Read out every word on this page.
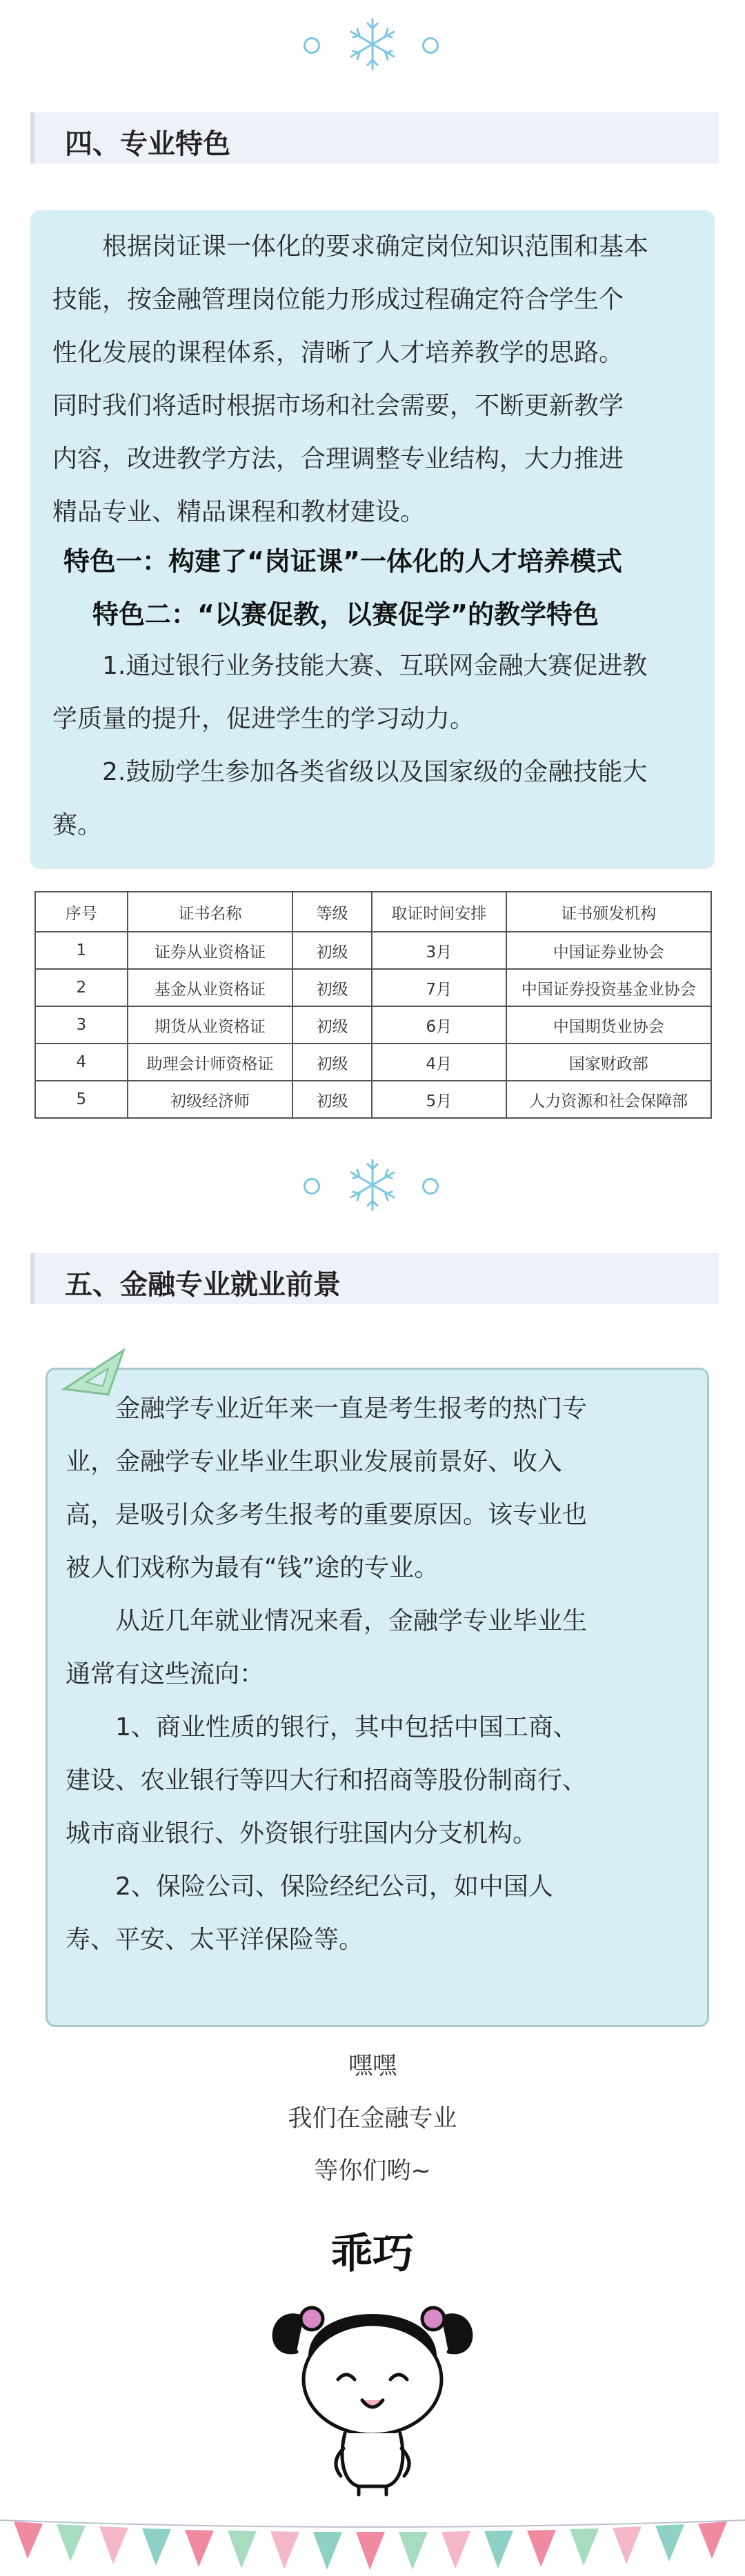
四、专业特色
根据岗证课一体化的要求确定岗位知识范围和基本
技能，按金融管理岗位能力形成过程确定符合学生个
性化发展的课程体系，清晰了人才培养教学的思路。
同时我们将适时根据市场和社会需要，不断更新教学
内容，改进教学方法，合理调整专业结构，大力推进
精品专业、精品课程和教材建设。
特色一：构建了“岗证课”一体化的人才培养模式
特色二：“以赛促教，以赛促学”的教学特色
1.通过银行业务技能大赛、互联网金融大赛促进教
学质量的提升，促进学生的学习动力。
2.鼓励学生参加各类省级以及国家级的金融技能大
赛。
序号	证书名称	等级	取证时间安排	证书颁发机构
1	证券从业资格证	初级	3月	中国证券业协会
2	基金从业资格证	初级	7月	中国证券投资基金业协会
3	期货从业资格证	初级	6月	中国期货业协会
4	助理会计师资格证	初级	4月	国家财政部
5	初级经济师	初级	5月	人力资源和社会保障部
五、金融专业就业前景
金融学专业近年来一直是考生报考的热门专
业，金融学专业毕业生职业发展前景好、收入
高，是吸引众多考生报考的重要原因。该专业也
被人们戏称为最有“钱”途的专业。
从近几年就业情况来看，金融学专业毕业生
通常有这些流向：
1、商业性质的银行，其中包括中国工商、
建设、农业银行等四大行和招商等股份制商行、
城市商业银行、外资银行驻国内分支机构。
2、保险公司、保险经纪公司，如中国人
寿、平安、太平洋保险等。
嘿嘿
我们在金融专业
等你们哟~
乖巧
